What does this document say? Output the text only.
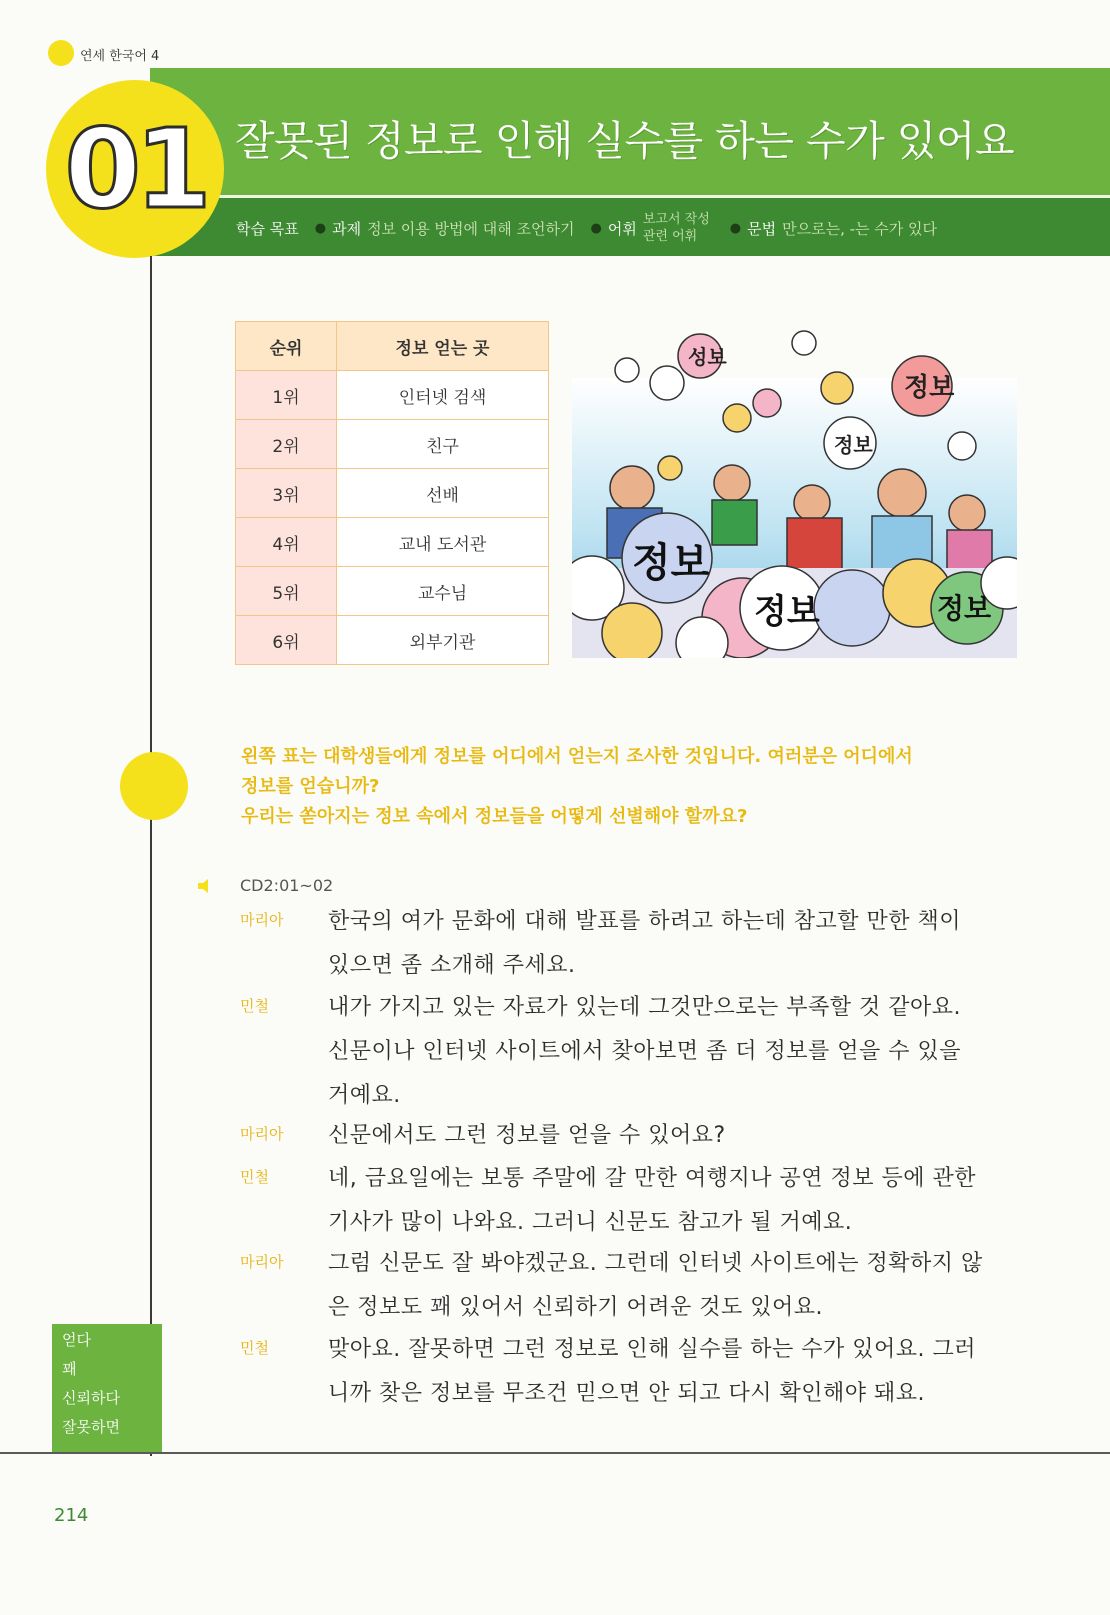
연세 한국어 4
01 잘못된 정보로 인해 실수를 하는 수가 있어요
학습 목표 ● 과제 정보 이용 방법에 대해 조언하기 ● 어휘 보고서 작성
관련 어휘
● 문법 만으로는, -는 수가 있다
순위	정보 얻는 곳
1위	인터넷 검색
2위	친구
3위	선배
4위	교내 도서관
5위	교수님
6위	외부기관
성보
정보
정보
정보
정보	정보
왼쪽 표는 대학생들에게 정보를 어디에서 얻는지 조사한 것입니다. 여러분은 어디에서
정보를 얻습니까?
우리는 쏟아지는 정보 속에서 정보들을 어떻게 선별해야 할까요?
CD2:01~02
마리아 한국의 여가 문화에 대해 발표를 하려고 하는데 참고할 만한 책이
있으면 좀 소개해 주세요.
민철	내가 가지고 있는 자료가 있는데 그것만으로는 부족할 것 같아요.
신문이나 인터넷 사이트에서 찾아보면 좀 더 정보를 얻을 수 있을
거예요.
마리아 신문에서도 그런 정보를 얻을 수 있어요?
민철	네, 금요일에는 보통 주말에 갈 만한 여행지나 공연 정보 등에 관한
기사가 많이 나와요. 그러니 신문도 참고가 될 거예요.
마리아 그럼 신문도 잘 봐야겠군요. 그런데 인터넷 사이트에는 정확하지 않
은 정보도 꽤 있어서 신뢰하기 어려운 것도 있어요.
민철	맞아요. 잘못하면 그런 정보로 인해 실수를 하는 수가 있어요. 그러
니까 찾은 정보를 무조건 믿으면 안 되고 다시 확인해야 돼요.
얻다
꽤
신뢰하다
잘못하면
214
